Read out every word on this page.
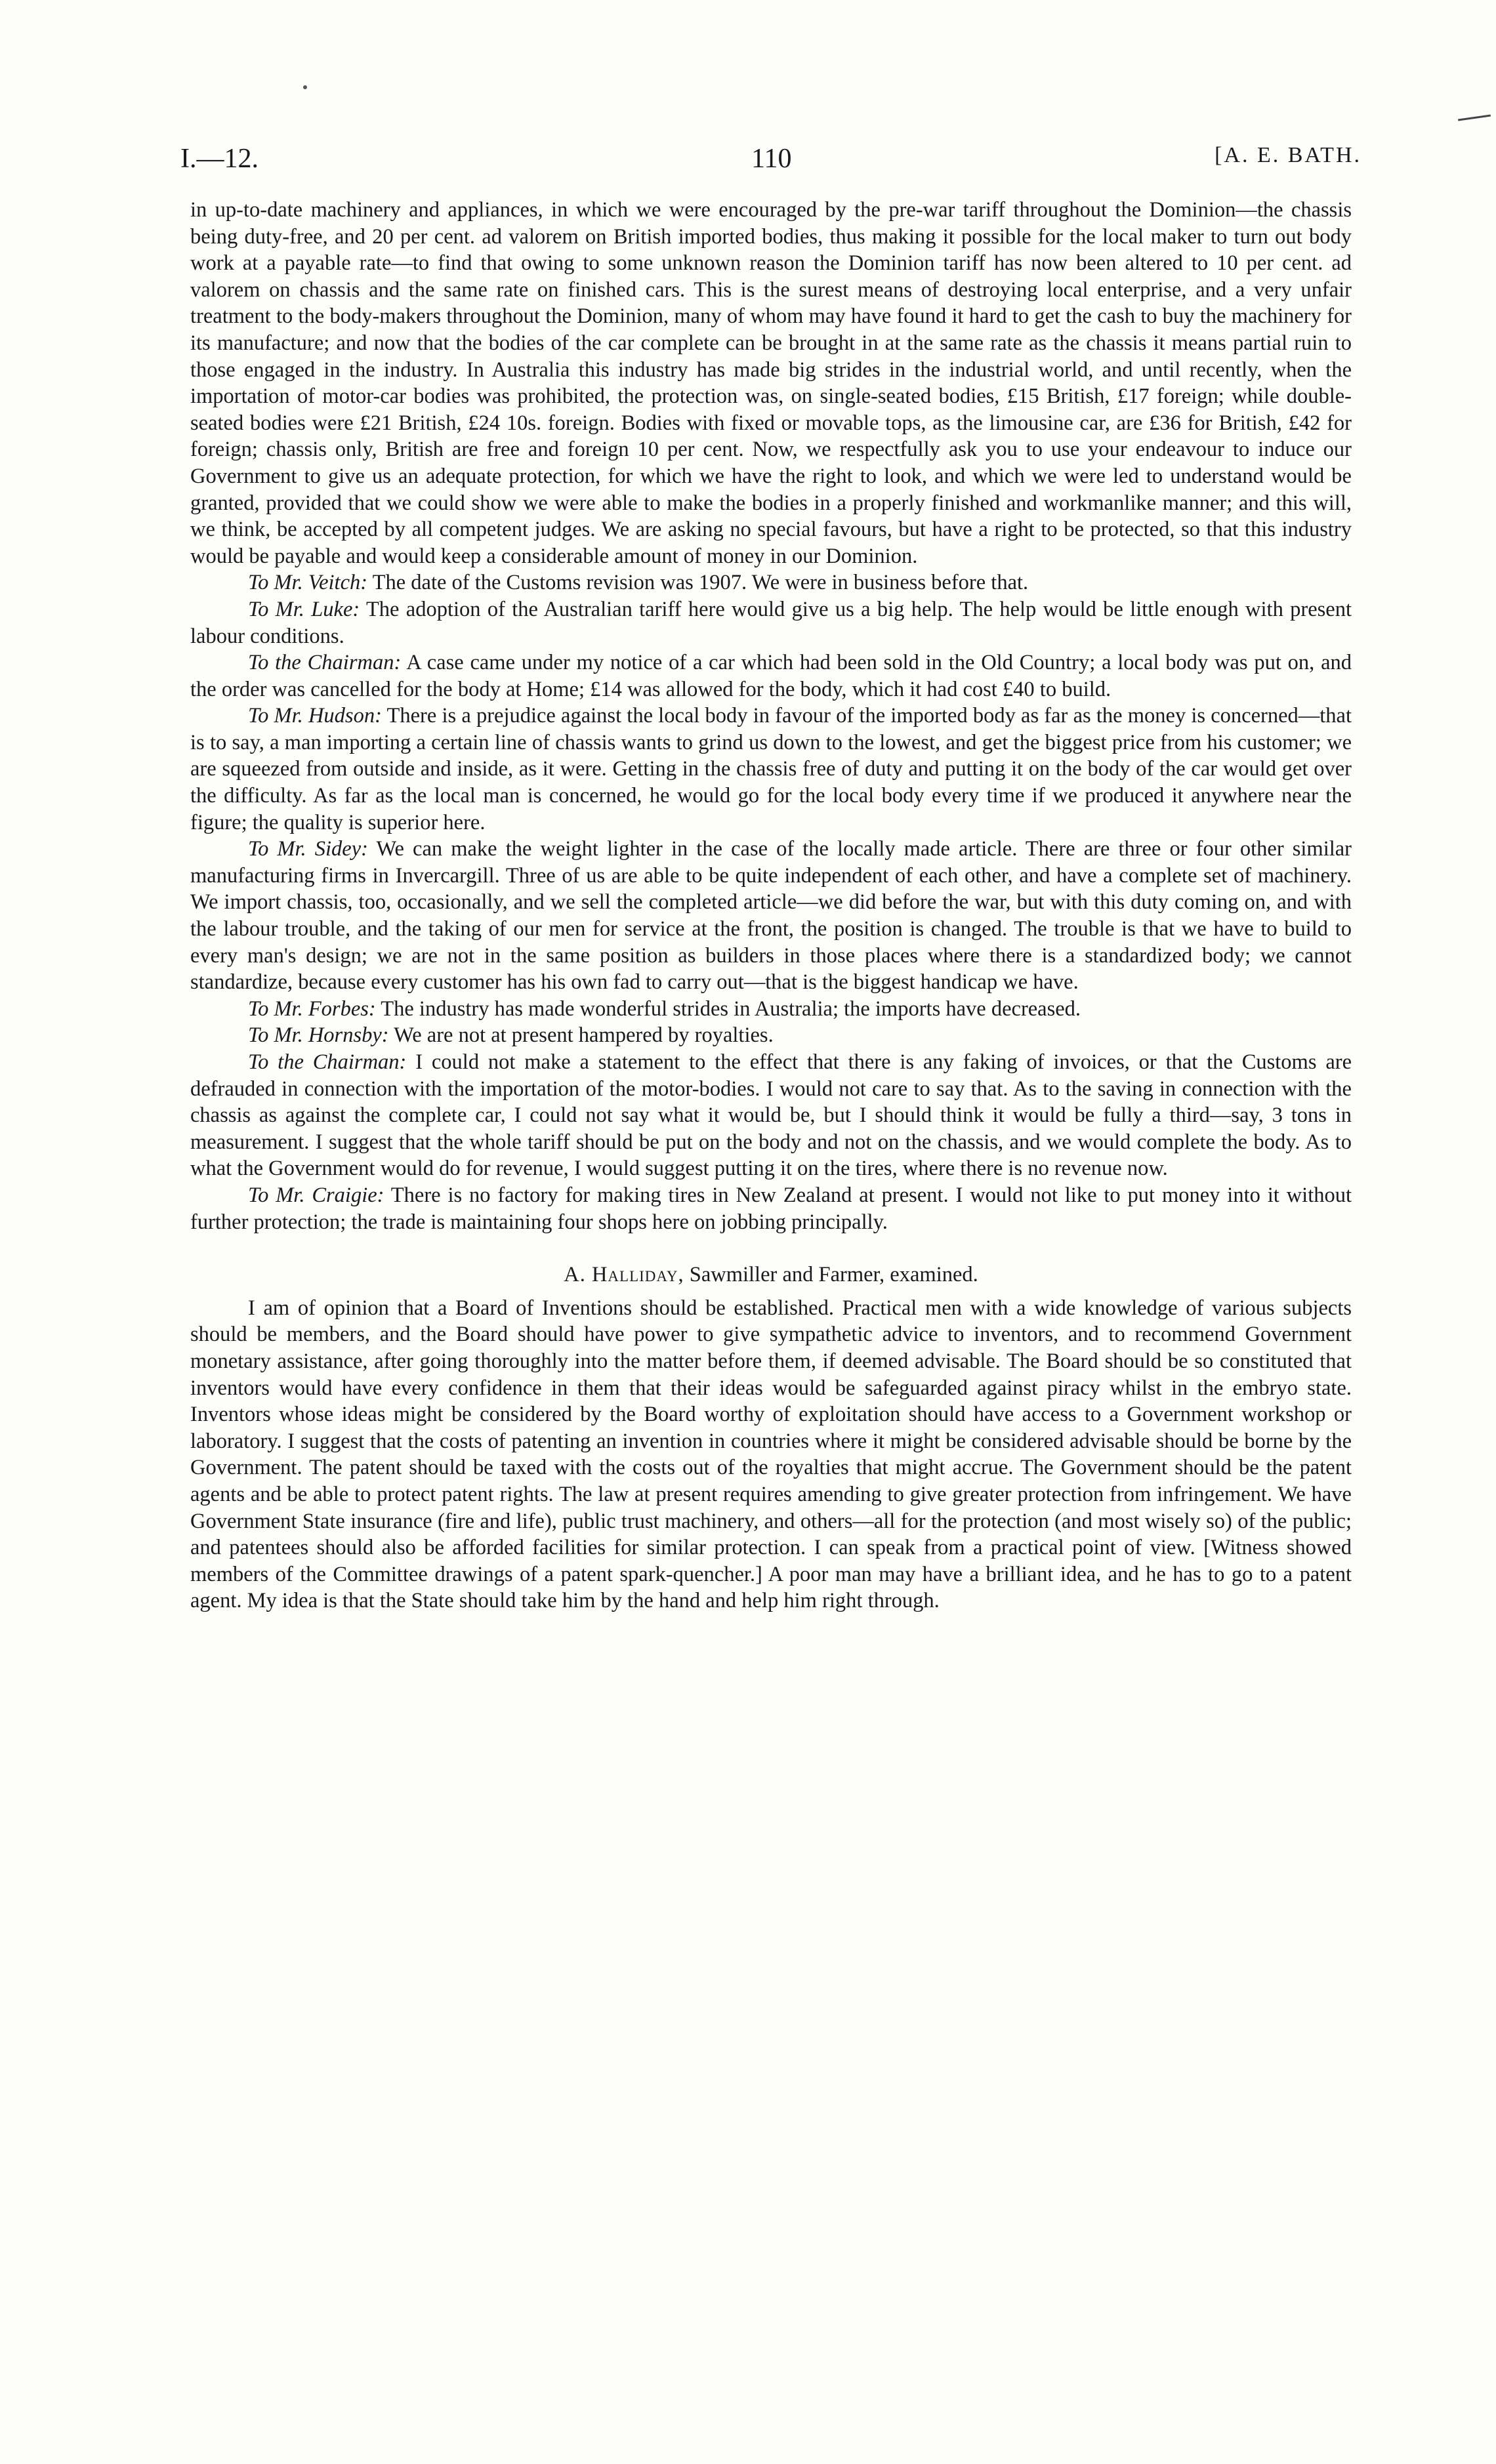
I.—12.	110	[A. E. BATH.

in up-to-date machinery and appliances, in which we were encouraged by the pre-war tariff throughout the Dominion—the chassis being duty-free, and 20 per cent. ad valorem on British imported bodies, thus making it possible for the local maker to turn out body work at a payable rate—to find that owing to some unknown reason the Dominion tariff has now been altered to 10 per cent. ad valorem on chassis and the same rate on finished cars. This is the surest means of destroying local enterprise, and a very unfair treatment to the body-makers throughout the Dominion, many of whom may have found it hard to get the cash to buy the machinery for its manufacture; and now that the bodies of the car complete can be brought in at the same rate as the chassis it means partial ruin to those engaged in the industry. In Australia this industry has made big strides in the industrial world, and until recently, when the importation of motor-car bodies was prohibited, the protection was, on single-seated bodies, £15 British, £17 foreign; while double-seated bodies were £21 British, £24 10s. foreign. Bodies with fixed or movable tops, as the limousine car, are £36 for British, £42 for foreign; chassis only, British are free and foreign 10 per cent. Now, we respectfully ask you to use your endeavour to induce our Government to give us an adequate protection, for which we have the right to look, and which we were led to understand would be granted, provided that we could show we were able to make the bodies in a properly finished and workmanlike manner; and this will, we think, be accepted by all competent judges. We are asking no special favours, but have a right to be protected, so that this industry would be payable and would keep a considerable amount of money in our Dominion.

To Mr. Veitch: The date of the Customs revision was 1907. We were in business before that.

To Mr. Luke: The adoption of the Australian tariff here would give us a big help. The help would be little enough with present labour conditions.

To the Chairman: A case came under my notice of a car which had been sold in the Old Country; a local body was put on, and the order was cancelled for the body at Home; £14 was allowed for the body, which it had cost £40 to build.

To Mr. Hudson: There is a prejudice against the local body in favour of the imported body as far as the money is concerned—that is to say, a man importing a certain line of chassis wants to grind us down to the lowest, and get the biggest price from his customer; we are squeezed from outside and inside, as it were. Getting in the chassis free of duty and putting it on the body of the car would get over the difficulty. As far as the local man is concerned, he would go for the local body every time if we produced it anywhere near the figure; the quality is superior here.

To Mr. Sidey: We can make the weight lighter in the case of the locally made article. There are three or four other similar manufacturing firms in Invercargill. Three of us are able to be quite independent of each other, and have a complete set of machinery. We import chassis, too, occasionally, and we sell the completed article—we did before the war, but with this duty coming on, and with the labour trouble, and the taking of our men for service at the front, the position is changed. The trouble is that we have to build to every man's design; we are not in the same position as builders in those places where there is a standardized body; we cannot standardize, because every customer has his own fad to carry out—that is the biggest handicap we have.

To Mr. Forbes: The industry has made wonderful strides in Australia; the imports have decreased.

To Mr. Hornsby: We are not at present hampered by royalties.

To the Chairman: I could not make a statement to the effect that there is any faking of invoices, or that the Customs are defrauded in connection with the importation of the motor-bodies. I would not care to say that. As to the saving in connection with the chassis as against the complete car, I could not say what it would be, but I should think it would be fully a third—say, 3 tons in measurement. I suggest that the whole tariff should be put on the body and not on the chassis, and we would complete the body. As to what the Government would do for revenue, I would suggest putting it on the tires, where there is no revenue now.

To Mr. Craigie: There is no factory for making tires in New Zealand at present. I would not like to put money into it without further protection; the trade is maintaining four shops here on jobbing principally.

A. Halliday, Sawmiller and Farmer, examined.

I am of opinion that a Board of Inventions should be established. Practical men with a wide knowledge of various subjects should be members, and the Board should have power to give sympathetic advice to inventors, and to recommend Government monetary assistance, after going thoroughly into the matter before them, if deemed advisable. The Board should be so constituted that inventors would have every confidence in them that their ideas would be safeguarded against piracy whilst in the embryo state. Inventors whose ideas might be considered by the Board worthy of exploitation should have access to a Government workshop or laboratory. I suggest that the costs of patenting an invention in countries where it might be considered advisable should be borne by the Government. The patent should be taxed with the costs out of the royalties that might accrue. The Government should be the patent agents and be able to protect patent rights. The law at present requires amending to give greater protection from infringement. We have Government State insurance (fire and life), public trust machinery, and others—all for the protection (and most wisely so) of the public; and patentees should also be afforded facilities for similar protection. I can speak from a practical point of view. [Witness showed members of the Committee drawings of a patent spark-quencher.] A poor man may have a brilliant idea, and he has to go to a patent agent. My idea is that the State should take him by the hand and help him right through.
